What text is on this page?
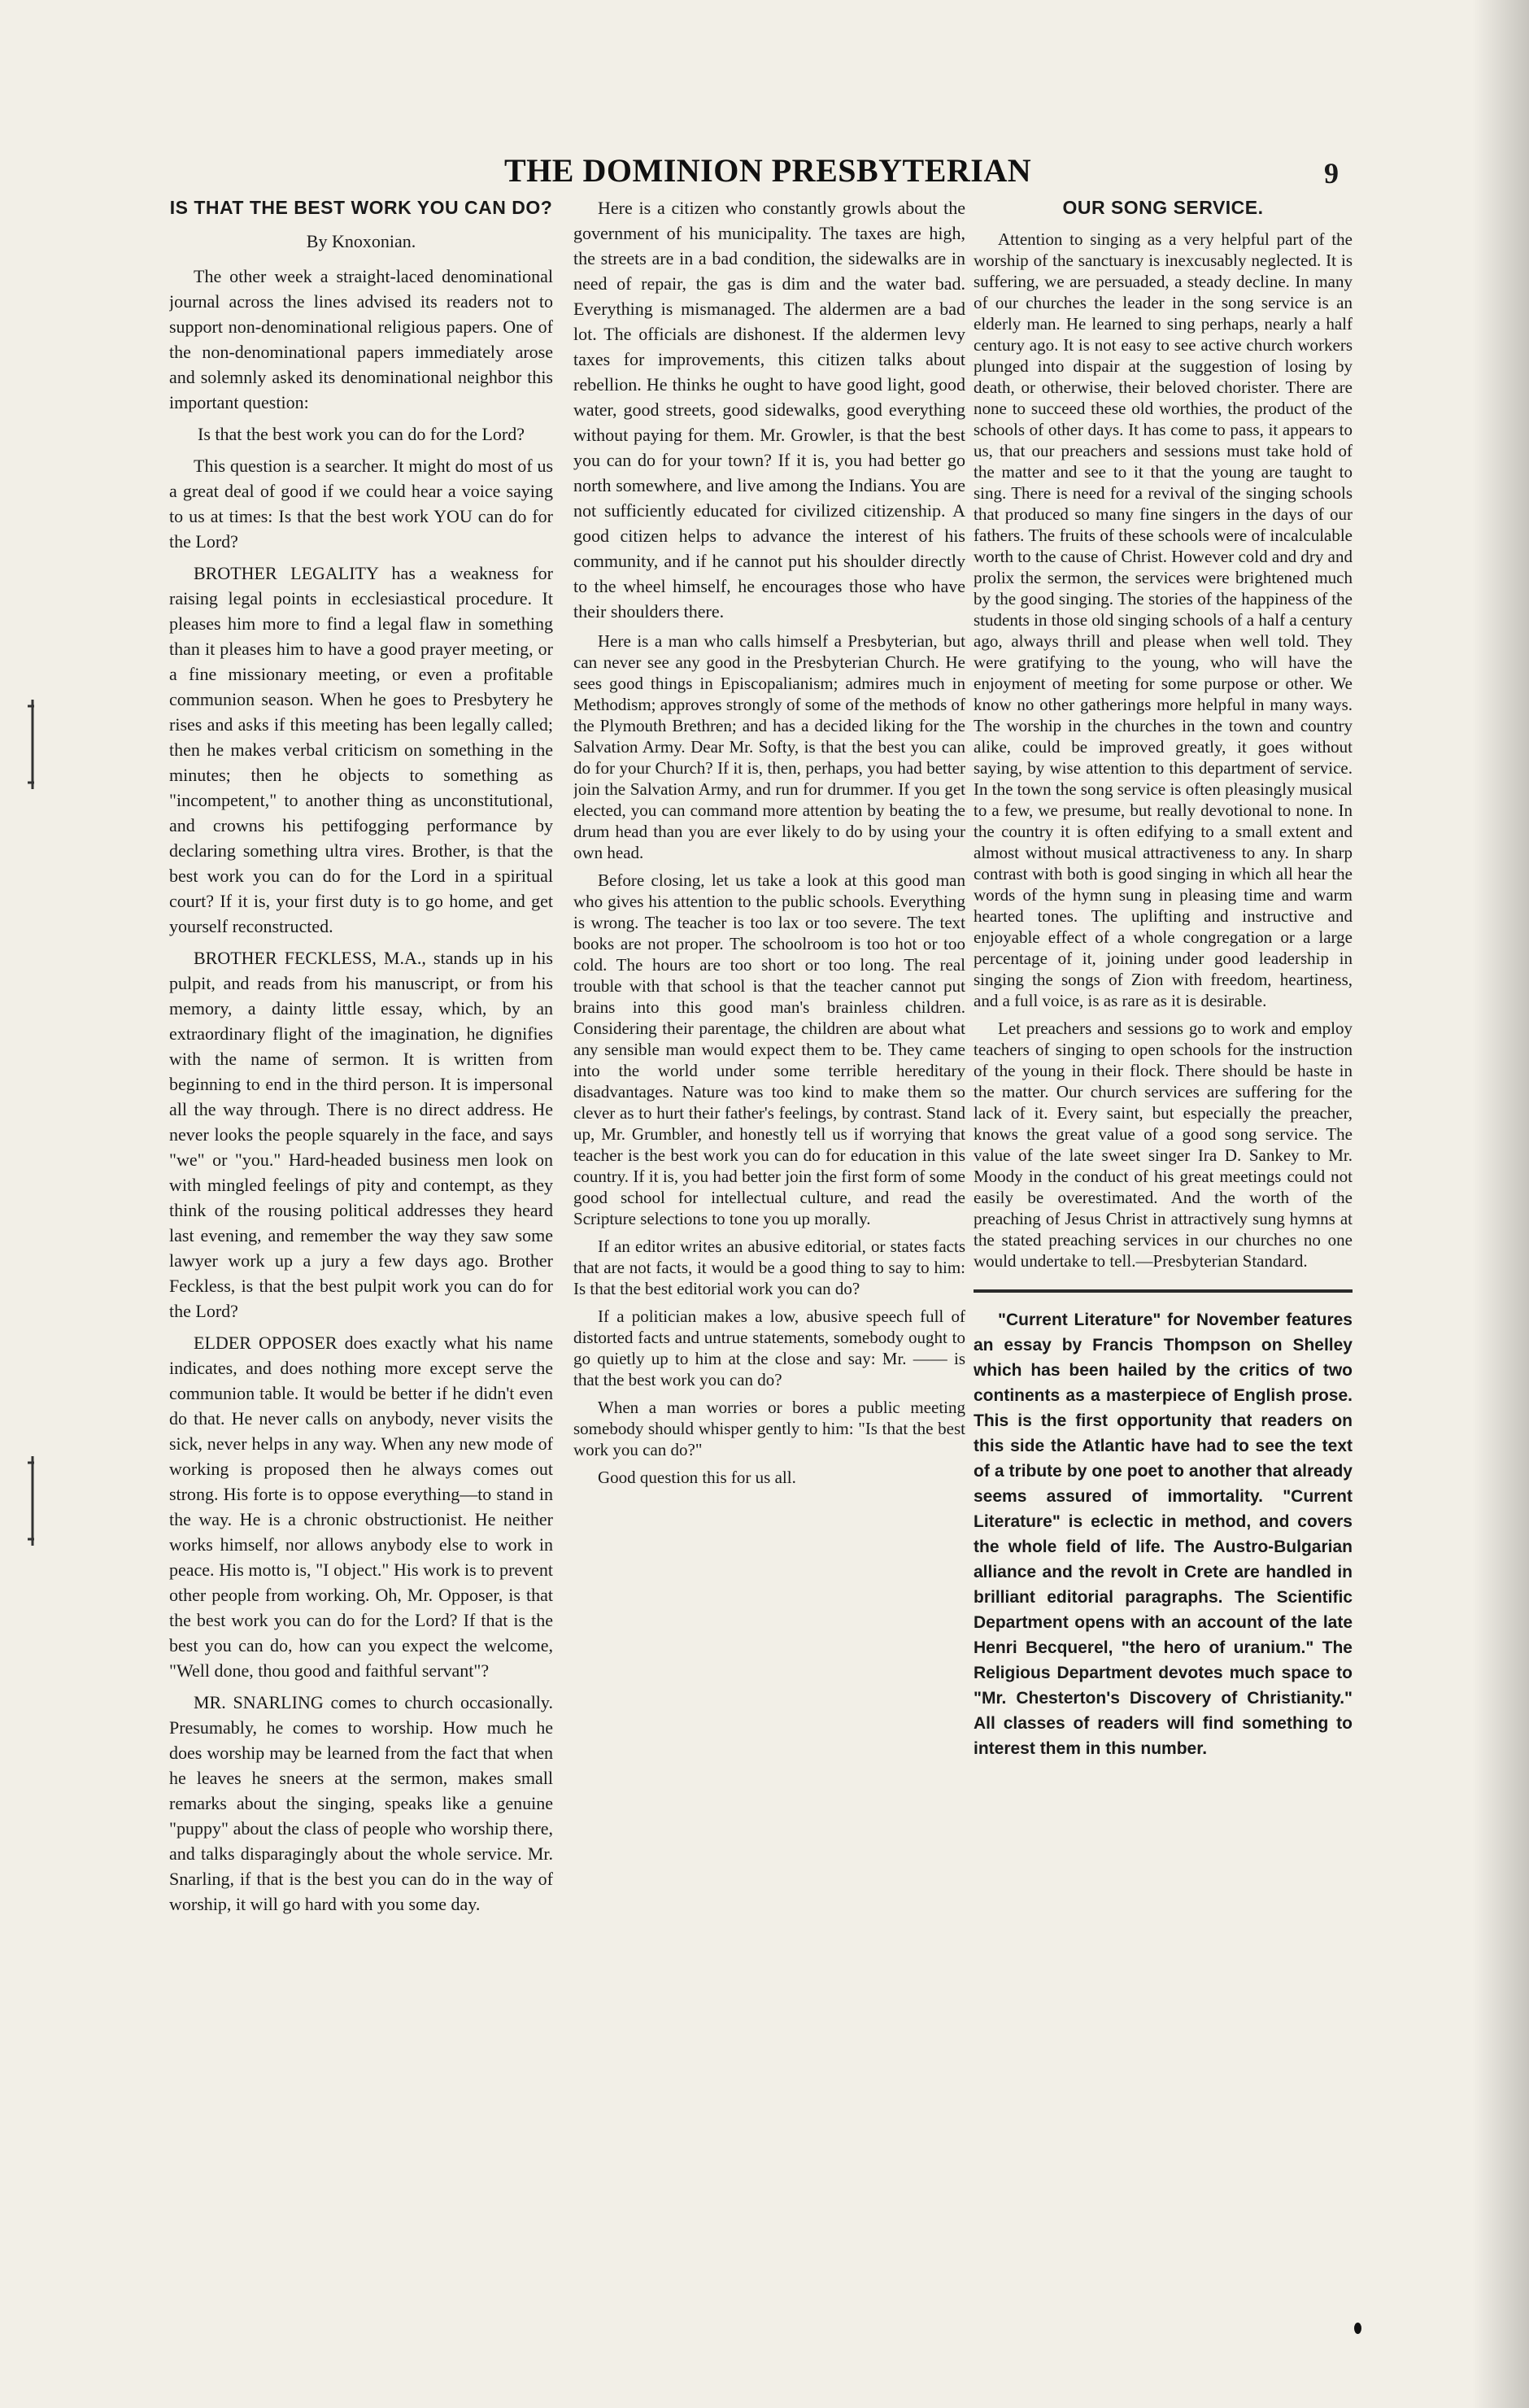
THE DOMINION PRESBYTERIAN	9
IS THAT THE BEST WORK YOU CAN DO?
By Knoxonian.

The other week a straight-laced denominational journal across the lines advised its readers not to support non-denominational religious papers. One of the non-denominational papers immediately arose and solemnly asked its denominational neighbor this important question:

Is that the best work you can do for the Lord?

This question is a searcher. It might do most of us a great deal of good if we could hear a voice saying to us at times: Is that the best work YOU can do for the Lord?

BROTHER LEGALITY has a weakness for raising legal points in ecclesiastical procedure. It pleases him more to find a legal flaw in something than it pleases him to have a good prayer meeting, or a fine missionary meeting, or even a profitable communion season. When he goes to Presbytery he rises and asks if this meeting has been legally called; then he makes verbal criticism on something in the minutes; then he objects to something as "incompetent," to another thing as unconstitutional, and crowns his pettifogging performance by declaring something ultra vires. Brother, is that the best work you can do for the Lord in a spiritual court? If it is, your first duty is to go home, and get yourself reconstructed.

BROTHER FECKLESS, M.A., stands up in his pulpit, and reads from his manuscript, or from his memory, a dainty little essay, which, by an extraordinary flight of the imagination, he dignifies with the name of sermon. It is written from beginning to end in the third person. It is impersonal all the way through. There is no direct address. He never looks the people squarely in the face, and says "we" or "you." Hard-headed business men look on with mingled feelings of pity and contempt, as they think of the rousing political addresses they heard last evening, and remember the way they saw some lawyer work up a jury a few days ago. Brother Feckless, is that the best pulpit work you can do for the Lord?

ELDER OPPOSER does exactly what his name indicates, and does nothing more except serve the communion table. It would be better if he didn't even do that. He never calls on anybody, never visits the sick, never helps in any way. When any new mode of working is proposed then he always comes out strong. His forte is to oppose everything—to stand in the way. He is a chronic obstructionist. He neither works himself, nor allows anybody else to work in peace. His motto is, "I object." His work is to prevent other people from working. Oh, Mr. Opposer, is that the best work you can do for the Lord? If that is the best you can do, how can you expect the welcome, "Well done, thou good and faithful servant"?

MR. SNARLING comes to church occasionally. Presumably, he comes to worship. How much he does worship may be learned from the fact that when he leaves he sneers at the sermon, makes small remarks about the singing, speaks like a genuine "puppy" about the class of people who worship there, and talks disparagingly about the whole service. Mr. Snarling, if that is the best you can do in the way of worship, it will go hard with you some day.

Here is a citizen who constantly growls about the government of his municipality. The taxes are high, the streets are in a bad condition, the sidewalks are in need of repair, the gas is dim and the water bad. Everything is mismanaged. The aldermen are a bad lot. The officials are dishonest. If the aldermen levy taxes for improvements, this citizen talks about rebellion. He thinks he ought to have good light, good water, good streets, good sidewalks, good everything without paying for them. Mr. Growler, is that the best you can do for your town? If it is, you had better go north somewhere, and live among the Indians. You are not sufficiently educated for civilized citizenship. A good citizen helps to advance the interest of his community, and if he cannot put his shoulder directly to the wheel himself, he encourages those who have their shoulders there.

Here is a man who calls himself a Presbyterian, but can never see any good in the Presbyterian Church. He sees good things in Episcopalianism; admires much in Methodism; approves strongly of some of the methods of the Plymouth Brethren; and has a decided liking for the Salvation Army. Dear Mr. Softy, is that the best you can do for your Church? If it is, then, perhaps, you had better join the Salvation Army, and run for drummer. If you get elected, you can command more attention by beating the drum head than you are ever likely to do by using your own head.

Before closing, let us take a look at this good man who gives his attention to the public schools. Everything is wrong. The teacher is too lax or too severe. The text books are not proper. The schoolroom is too hot or too cold. The hours are too short or too long. The real trouble with that school is that the teacher cannot put brains into this good man's brainless children. Considering their parentage, the children are about what any sensible man would expect them to be. They came into the world under some terrible hereditary disadvantages. Nature was too kind to make them so clever as to hurt their father's feelings, by contrast. Stand up, Mr. Grumbler, and honestly tell us if worrying that teacher is the best work you can do for education in this country. If it is, you had better join the first form of some good school for intellectual culture, and read the Scripture selections to tone you up morally.

If an editor writes an abusive editorial, or states facts that are not facts, it would be a good thing to say to him: Is that the best editorial work you can do?

If a politician makes a low, abusive speech full of distorted facts and untrue statements, somebody ought to go quietly up to him at the close and say: Mr. —— is that the best work you can do?

When a man worries or bores a public meeting somebody should whisper gently to him: "Is that the best work you can do?"

Good question this for us all.

OUR SONG SERVICE.

Attention to singing as a very helpful part of the worship of the sanctuary is inexcusably neglected. It is suffering, we are persuaded, a steady decline. In many of our churches the leader in the song service is an elderly man. He learned to sing perhaps, nearly a half century ago. It is not easy to see active church workers plunged into dispair at the suggestion of losing by death, or otherwise, their beloved chorister. There are none to succeed these old worthies, the product of the schools of other days. It has come to pass, it appears to us, that our preachers and sessions must take hold of the matter and see to it that the young are taught to sing. There is need for a revival of the singing schools that produced so many fine singers in the days of our fathers. The fruits of these schools were of incalculable worth to the cause of Christ. However cold and dry and prolix the sermon, the services were brightened much by the good singing. The stories of the happiness of the students in those old singing schools of a half a century ago, always thrill and please when well told. They were gratifying to the young, who will have the enjoyment of meeting for some purpose or other. We know no other gatherings more helpful in many ways. The worship in the churches in the town and country alike, could be improved greatly, it goes without saying, by wise attention to this department of service. In the town the song service is often pleasingly musical to a few, we presume, but really devotional to none. In the country it is often edifying to a small extent and almost without musical attractiveness to any. In sharp contrast with both is good singing in which all hear the words of the hymn sung in pleasing time and warm hearted tones. The uplifting and instructive and enjoyable effect of a whole congregation or a large percentage of it, joining under good leadership in singing the songs of Zion with freedom, heartiness, and a full voice, is as rare as it is desirable.

Let preachers and sessions go to work and employ teachers of singing to open schools for the instruction of the young in their flock. There should be haste in the matter. Our church services are suffering for the lack of it. Every saint, but especially the preacher, knows the great value of a good song service. The value of the late sweet singer Ira D. Sankey to Mr. Moody in the conduct of his great meetings could not easily be overestimated. And the worth of the preaching of Jesus Christ in attractively sung hymns at the stated preaching services in our churches no one would undertake to tell.—Presbyterian Standard.

"Current Literature" for November features an essay by Francis Thompson on Shelley which has been hailed by the critics of two continents as a masterpiece of English prose. This is the first opportunity that readers on this side the Atlantic have had to see the text of a tribute by one poet to another that already seems assured of immortality. "Current Literature" is eclectic in method, and covers the whole field of life. The Austro-Bulgarian alliance and the revolt in Crete are handled in brilliant editorial paragraphs. The Scientific Department opens with an account of the late Henri Becquerel, "the hero of uranium." The Religious Department devotes much space to "Mr. Chesterton's Discovery of Christianity." All classes of readers will find something to interest them in this number.
